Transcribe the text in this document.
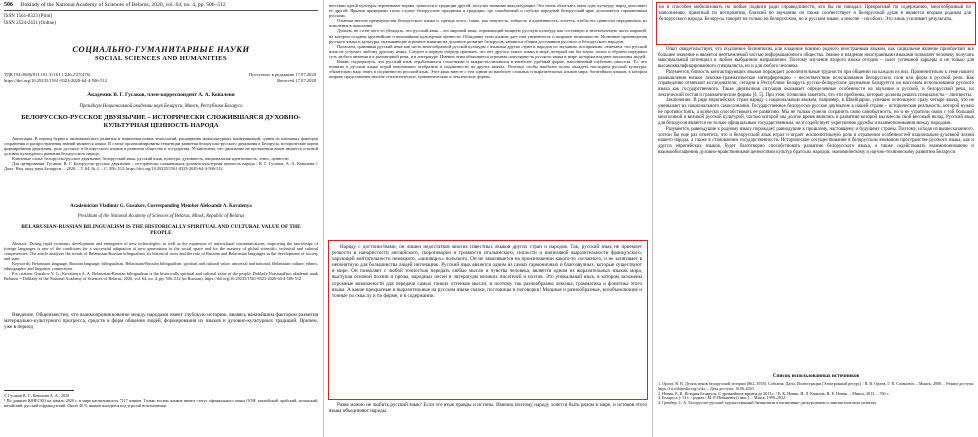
506 Doklady of the National Academy of Sciences of Belarus, 2020, vol. 64, no. 4, pp. 506–512
ISSN 1561-8323 (Print)
ISSN 2524-2431 (Online)
СОЦИАЛЬНО-ГУМАНИТАРНЫЕ НАУКИ
SOCIAL SCIENCES AND HUMANITIES
УДК [94+008](811.161.3+161.1'246.2'27(476)	Поступило в редакцию 17.07.2020
https://doi.org/10.29235/1561-8323-2020-64-4-506-512	Received 17.07.2020
Академик В. Г. Гусаков, член-корреспондент А. А. Коваленя
Президиум Национальной академии наук Беларуси, Минск, Республика Беларусь
БЕЛОРУССКО-РУССКОЕ ДВУЯЗЫЧИЕ – ИСТОРИЧЕСКИ СЛОЖИВШАЯСЯ ДУХОВНО-КУЛЬТУРНАЯ ЦЕННОСТЬ НАРОДА

Аннотация. В период бурного экономического развития и появления новых технологий, расширения межкультурных коммуникаций, одним из ключевых факторов сохранения и распространения знаний являются языки. В статье проанализированы тенденции развития белорусско-русского двуязычия в Беларуси, исторические корни формирования двуязычия, роль русского и белорусского языков в развитии общества и государства. Установлено, что двуязычие на протяжении веков является основой духовно-культурного развития белорусского народа.

Ключевые слова: белорусско-русское двуязычие, белорусский язык, русский язык, культура, духовность, национальная идентичность, этнос, ценности

Для цитирования: Гусаков, В. Г. Белорусско-русское двуязычие – исторически сложившаяся духовно-культурная ценность народа / В. Г. Гусаков, А. А. Коваленя // Докл. Нац. акад. наук Беларуси. – 2020. – Т. 64, № 4. – С. 506–512. https://doi.org/10.29235/1561-8323-2020-64-4-506-512

Academician Vladimir G. Gusakov, Corresponding Member Aleksandr A. Kovalenya
Presidium of the National Academy of Sciences of Belarus, Minsk, Republic of Belarus
BELARUSIAN-RUSSIAN BILINGUALISM IS THE HISTORICALLY SPIRITUAL AND CULTURAL VALUE OF THE PEOPLE

Abstract. During rapid economic development and emergence of new technologies, as well as the expansion of intercultural communications, improving the knowledge of foreign languages is one of the conditions for a successful adaptation of new generations in the social space and for the mastery of global scientific, technical and cultural competencies. The article analyzes the trends of Belarusian-Russian bilingualism, its historical roots and the role of Russian and Belarusian languages in the development of society and state.

Keywords: Belarusian language, Russian language, bilingualism, Belarusian-Russian bilingualism, spiritual and cultural value, universal and national, Belarusian culture, ethnos, ethnographic and linguistic connections

For citation: Gusakov V. G., Kovalenya A. A. Belarusian-Russian bilingualism is the historically spiritual and cultural value of the people. Doklady Natsional'noi akademii nauk Belarusi = Doklady of the National Academy of Sciences of Belarus, 2020, vol. 64, no. 4, pp. 506–512 (in Russian). https://doi.org/10.29235/1561-8323-2020-64-4-506-512

Введение. Общеизвестно, что взаимопроникновение между народами имеет глубокую историю, являясь важнейшим фактором развития материально-культурного прогресса, средств и форм общения людей, формирования их языков и духовно-культурных традиций. Причем, уже в период

© Гусаков В. Г., Коваленя А. А., 2020

¹ По данным ЮНЕСКО на начало 2020 г. в мире насчитывалось 7117 языков. Только восемь языков имеют статус официального языка ООН: английский, арабский, испанский, китайский, русский и французский. Около 40 % языков находятся под угрозой исчезновения.

ветствии одной культуры перенимают нормы, ценности и традиции другой, получил название аккультурации. Это очень облегчает, имея одну культуру, народ дополняет ее другой. Яркими примерами этому служат белорусские праздники и традиции, где самобытный и глубоко народный белорусский ярко дополняется гармоничным русским.

Отмечая многие преимущества белорусского языка и, прежде всего, такие, как певучесть, гибкость и адаптивность, хочется, чтобы его ценности передавались из поколения в поколение.

Думаем, не стоит кого-то убеждать, что русский язык – это мировой язык, отражающий мощную русскую культуру как составную и неотъемлемую часть мировой, на котором созданы крупнейшие и величайшие культурные ценности. Обладание этим языком дает нам уверенность и широкие возможности. Истинные произведения русского языка и культуры, оказывающие огромное влияние на духовное развитие белорусов, являются общим достоянием русского и белорусского народов.

Полагаем, сравнивая русский язык как часть многообразной русской культуры с языками других стран и народов по звучанию, восприятию, отмечаем, что русский язык не уступает любому другому языку. Следует в первую очередь признать, что нет другого такого языка в мире, который так бы точно, полно и образно передавал суть любого явления и в разговорной речи, и в литературе. Именно этим объясняется огромная популярность русского языка в мире, которым владеют миллионы людей.

Важно подчеркнуть, что русский язык отрабатывался столетиями и выкристаллизовался в наиболее удобный форме, наполненный глубоким смыслом. То, что понятно в русском языке порой невозможно отобразить в подлинности на других языках. Поэтому, чтобы наиболее полно овладеть наследием русской культуры, обязательно надо знать в подлинности русский язык. Этот язык вместе с тем одним из наиболее сложных и выразительных языков мира, богатейших языков, в котором широко представлены многие стилистические, грамматические и лексические формы.

Наряду с достоинствами, он лишен недостатков многих известных языков других стран и народов. Так, русский язык не приемлет резкости и напористости английского, скороговорки и громкости итальянского, сиплости и шепелявой выразительности французского, чарующей мечтательности немецкого, «шипящих» польского. Он не заваливается на произношении какого-то согласного, и не затягивает в непонятную для большинства людей интонацию. Русский язык является одним из самых гармоничных и благозвучных, которые существуют в мире. Он позволяет с любой точностью передать любые мысли и чувства человека, является одним из выразительных языков мира, выступая основой поэзии и прозы, народных песен и литературы великих писателей и поэтов. Это уникальный язык, в котором заложены огромные возможности для передачи самых тонких оттенков мысли, и поэтому так разнообразны лексика, грамматика и фонетика этого языка. А какие прекрасные и выразительные на русском языке сказки, пословицы и поговорки! Мощные и разнообразные, всеобъемлющие и точные по смыслу и по форме, и в содержании.

Разве можно не любить русский язык? Если это язык правды и истины. Именно поэтому народу хочется быть рядом в мире, и истоков этого языка объединяют народы.

но и способен мобилизовать на любые подвиги ради справедливости, кто бы ни нападал. Прекрасный по содержанию, многообразный по наполнению, приятный по восприятию, близкий по звучанию он также соответствует и белорусской душе и является вторым родным для белорусского народа. Белорусы говорят не только на белорусском, но и русском языке, а многие – на обоих. Это лишь усиливает результаты.

Опыт свидетельствует, что подлинное билингвизм, или владение помимо родного иностранным языком, как социальное явление приобретает все большее значение и является неотъемлемой частью информационного общества. Знание и владение иностранными языками позволяет человеку получать максимальный потенциал в любом выбранном направлении. Поэтому изучение второго языка сегодня – залог успешной карьеры и не только для высококвалифицированного специалиста, но и для любого человека.

Разумеется, близость контактирующих языков порождает дополнительные трудности при общении на каждом из них. Применительно к теме нашего размышления низкое лексико-грамматическое интерференцию – несоответствие использования белорусских слов или форм в русской речи. Как справедливо отмечают исследователи, сегодня в Республике Беларусь русско-белорусское двуязычие базируется на массовом использовании русского языка как государственного. Такая двуязычная ситуация оказывает определенные особенности на звучание и русской, и белорусской речи, их лексический состав и грамматические формы [4, 5]. При этом, позволим заметить, что эти проблемы, которые должны решать специалисты – лингвисты.

Заключение. В ряде европейских стран наряду с национальным языком, например, в Швейцарии, успешно используют сразу четыре языка, что не уменьшает их национального самосознания. Государственное белорусско-русское двуязычие в нашей стране – историческая реальность, которой нужно не противостоять, а всячески способствовать ее развитию. Мы не только сумели сохранить свою самобытность, но и не утратили связи с той большой многоликой и великой русской культурой, частью которой мы долгое время являлись и развитию которой мы внесли свой весомый вклад. Русский язык для белорусов является не только официальным государственным, но и содействует укреплению дружбы и взаимопонимания между народами.

Разумеется, равнодушие к родному языку порождает равнодушие к прошлому, настоящему и будущему страны. Поэтому, исходя из вышесказанного, хотели бы еще раз отметить, что и белорусский язык играл и играет исключительную роль в отражении особенностей национально-духовной жизни нашего народа, а также в становлении государственности. Историческое сосуществование в белорусском языковом пространстве русского языка, как и других европейских языков, будет благотворно способствовать развитию белорусского языка, а также содействовать взаимопониманию и взаимообогащению духовно-нравственными ценностями культур братских народов, экономическому и научно-техническому развитию Беларуси.

Список использованных источников

1. Орлов, В. В. Десять веков белорусской истории (862–1918): События. Даты. Иллюстрации [Электронный ресурс] / В. В. Орлов, Г. В. Сагановіч. – Минск, 2000. – Режим доступа: https://ru.wikipedia.org/wiki. – Дата доступа: 10.06.2020.

2. Новик, Е. К. История Беларуси. С древнейших времен до 2013 г. / Е. К. Новик, И. Л. Качалов, Н. Е. Новик. – Минск, 2013. – 760 с.

3. Беларусь у 13 т. / рэдкал.: М. Р. Пілінкевіч [і інш.]. – Мінск, 1999–2012.

4. Грамбер, С. А. Белорусско-русский художественный билингвизм в когнитивно-дискурсивном и лингвистическом аспектах.
